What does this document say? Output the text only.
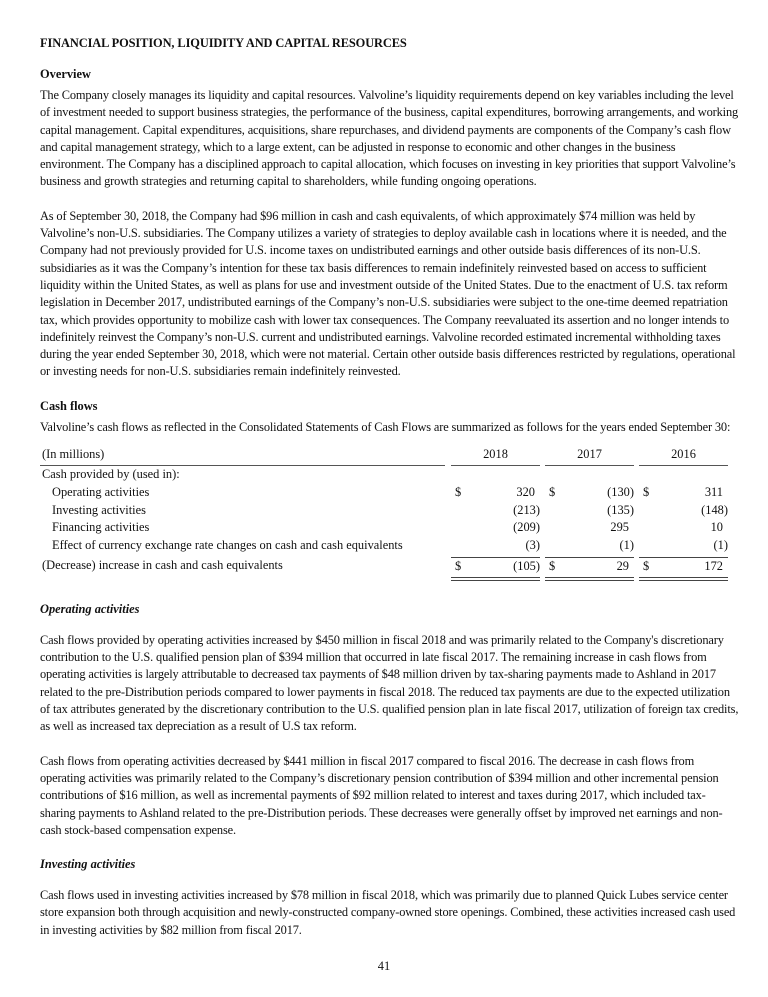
FINANCIAL POSITION, LIQUIDITY AND CAPITAL RESOURCES
Overview

The Company closely manages its liquidity and capital resources. Valvoline’s liquidity requirements depend on key variables including the level of investment needed to support business strategies, the performance of the business, capital expenditures, borrowing arrangements, and working capital management. Capital expenditures, acquisitions, share repurchases, and dividend payments are components of the Company’s cash flow and capital management strategy, which to a large extent, can be adjusted in response to economic and other changes in the business environment. The Company has a disciplined approach to capital allocation, which focuses on investing in key priorities that support Valvoline’s business and growth strategies and returning capital to shareholders, while funding ongoing operations.

As of September 30, 2018, the Company had $96 million in cash and cash equivalents, of which approximately $74 million was held by Valvoline’s non-U.S. subsidiaries. The Company utilizes a variety of strategies to deploy available cash in locations where it is needed, and the Company had not previously provided for U.S. income taxes on undistributed earnings and other outside basis differences of its non-U.S. subsidiaries as it was the Company’s intention for these tax basis differences to remain indefinitely reinvested based on access to sufficient liquidity within the United States, as well as plans for use and investment outside of the United States. Due to the enactment of U.S. tax reform legislation in December 2017, undistributed earnings of the Company’s non-U.S. subsidiaries were subject to the one-time deemed repatriation tax, which provides opportunity to mobilize cash with lower tax consequences. The Company reevaluated its assertion and no longer intends to indefinitely reinvest the Company’s non-U.S. current and undistributed earnings. Valvoline recorded estimated incremental withholding taxes during the year ended September 30, 2018, which were not material. Certain other outside basis differences restricted by regulations, operational or investing needs for non-U.S. subsidiaries remain indefinitely reinvested.

Cash flows

Valvoline’s cash flows as reflected in the Consolidated Statements of Cash Flows are summarized as follows for the years ended September 30:

(In millions)	2018	2017	2016
Cash provided by (used in):
Operating activities	$	320 $	(130) $	311
Investing activities	(213)	(135)	(148)
Financing activities	(209)	295	10
Effect of currency exchange rate changes on cash and cash equivalents	(3)	(1)	(1)
(Decrease) increase in cash and cash equivalents	$	(105) $	29 $	172
Operating activities

Cash flows provided by operating activities increased by $450 million in fiscal 2018 and was primarily related to the Company's discretionary contribution to the U.S. qualified pension plan of $394 million that occurred in late fiscal 2017. The remaining increase in cash flows from operating activities is largely attributable to decreased tax payments of $48 million driven by tax-sharing payments made to Ashland in 2017 related to the pre-Distribution periods compared to lower payments in fiscal 2018. The reduced tax payments are due to the expected utilization of tax attributes generated by the discretionary contribution to the U.S. qualified pension plan in late fiscal 2017, utilization of foreign tax credits, as well as increased tax depreciation as a result of U.S tax reform.

Cash flows from operating activities decreased by $441 million in fiscal 2017 compared to fiscal 2016. The decrease in cash flows from operating activities was primarily related to the Company’s discretionary pension contribution of $394 million and other incremental pension contributions of $16 million, as well as incremental payments of $92 million related to interest and taxes during 2017, which included tax-sharing payments to Ashland related to the pre-Distribution periods. These decreases were generally offset by improved net earnings and non-cash stock-based compensation expense.

Investing activities

Cash flows used in investing activities increased by $78 million in fiscal 2018, which was primarily due to planned Quick Lubes service center store expansion both through acquisition and newly-constructed company-owned store openings. Combined, these activities increased cash used in investing activities by $82 million from fiscal 2017.

41
